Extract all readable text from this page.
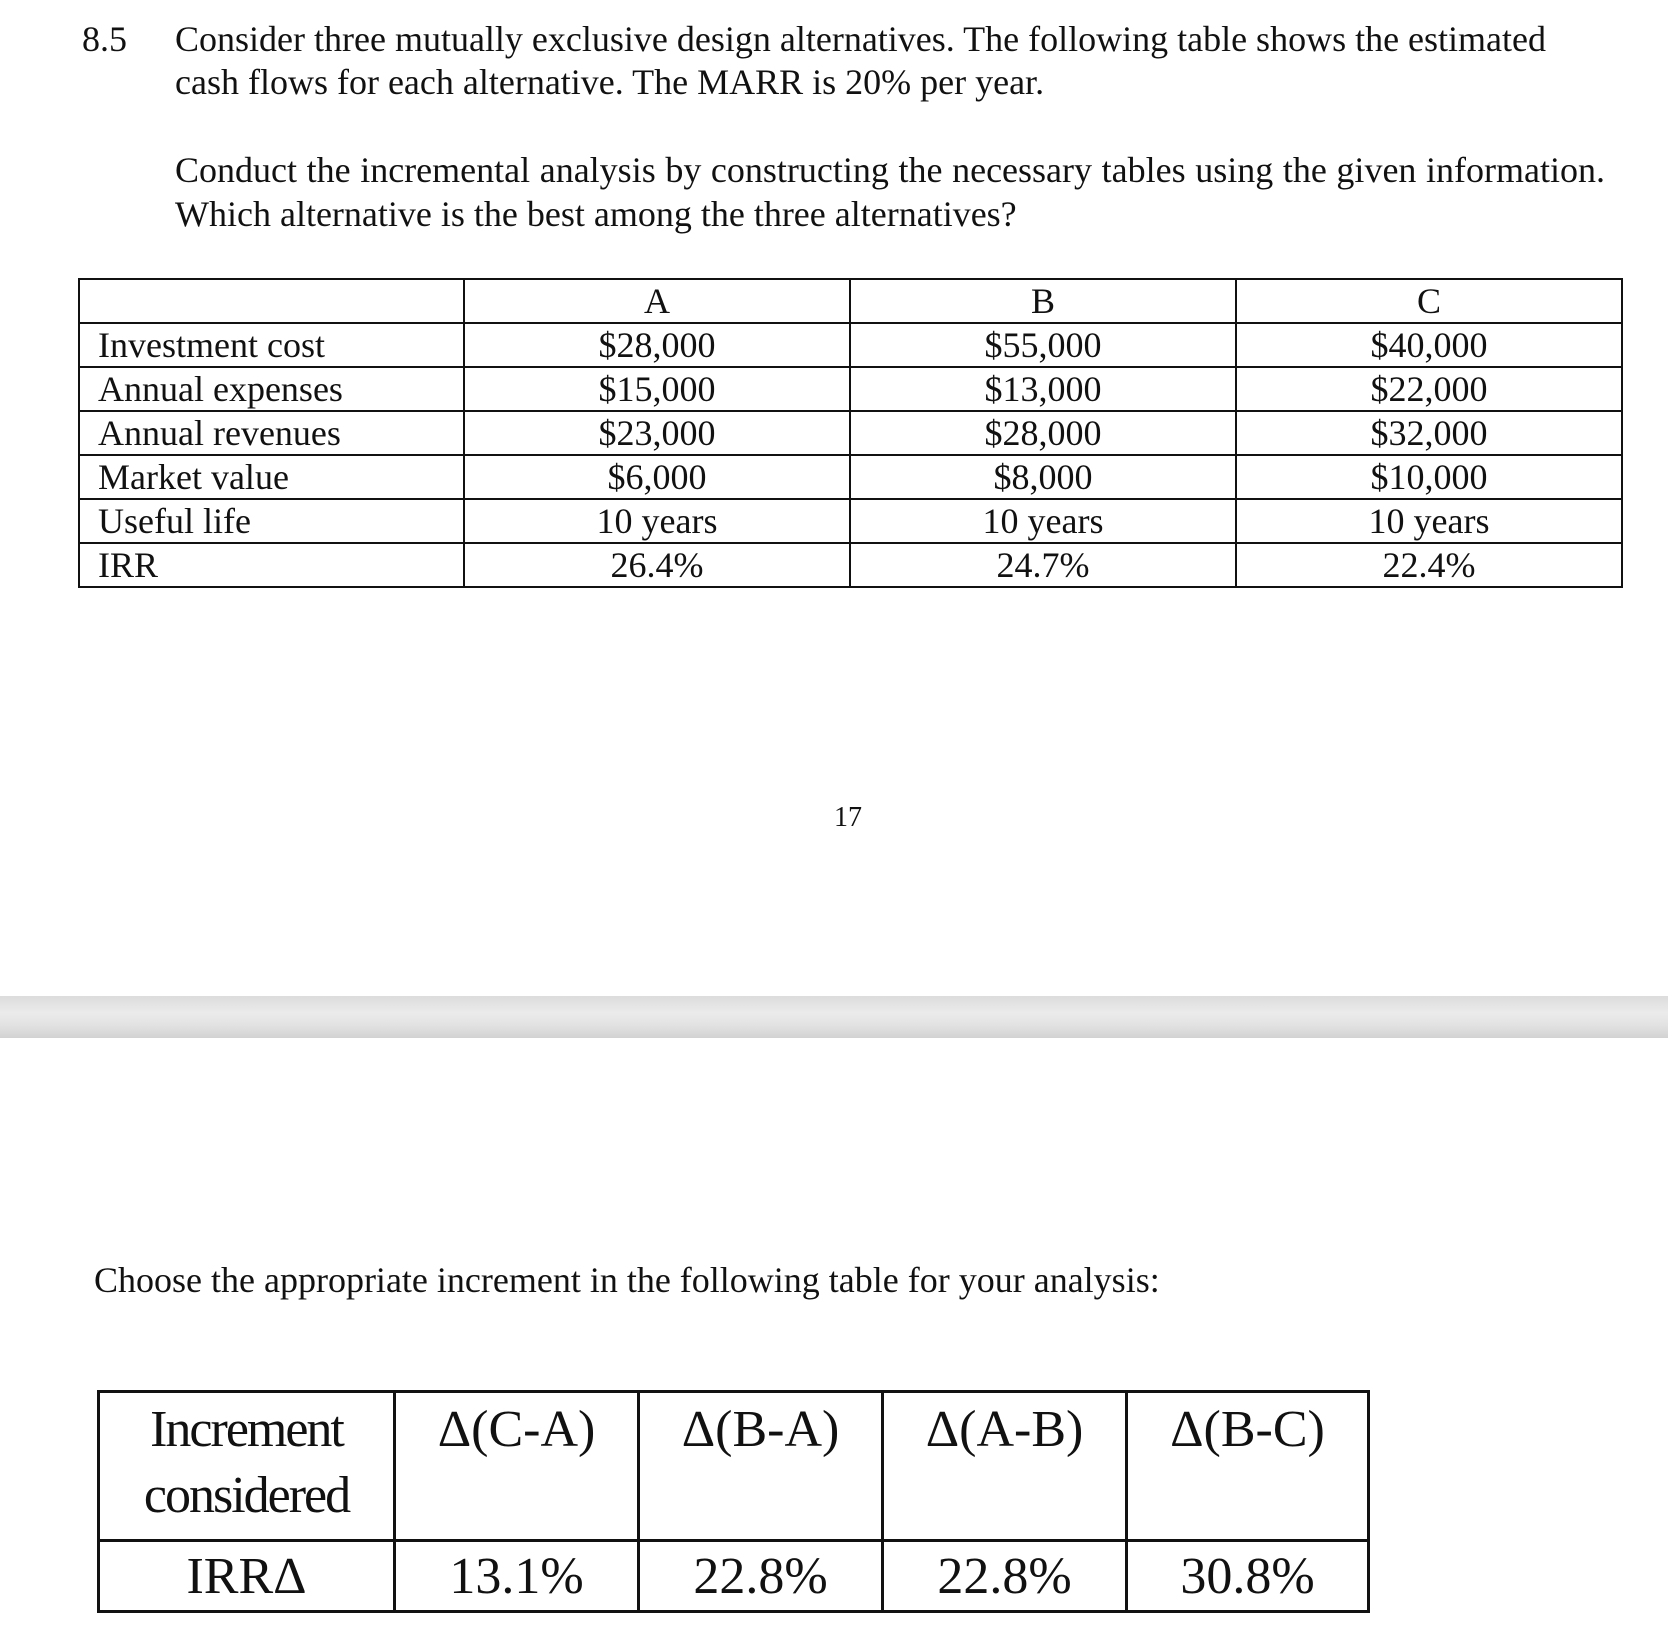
8.5 Consider three mutually exclusive design alternatives. The following table shows the estimated cash flows for each alternative. The MARR is 20% per year.
Conduct the incremental analysis by constructing the necessary tables using the given information. Which alternative is the best among the three alternatives?
	A	B	C
Investment cost	$28,000	$55,000	$40,000
Annual expenses	$15,000	$13,000	$22,000
Annual revenues	$23,000	$28,000	$32,000
Market value	$6,000	$8,000	$10,000
Useful life	10 years	10 years	10 years
IRR	26.4%	24.7%	22.4%
17
Choose the appropriate increment in the following table for your analysis:
Increment
considered	Δ(C-A)	Δ(B-A)	Δ(A-B)	Δ(B-C)
IRRΔ	13.1%	22.8%	22.8%	30.8%
